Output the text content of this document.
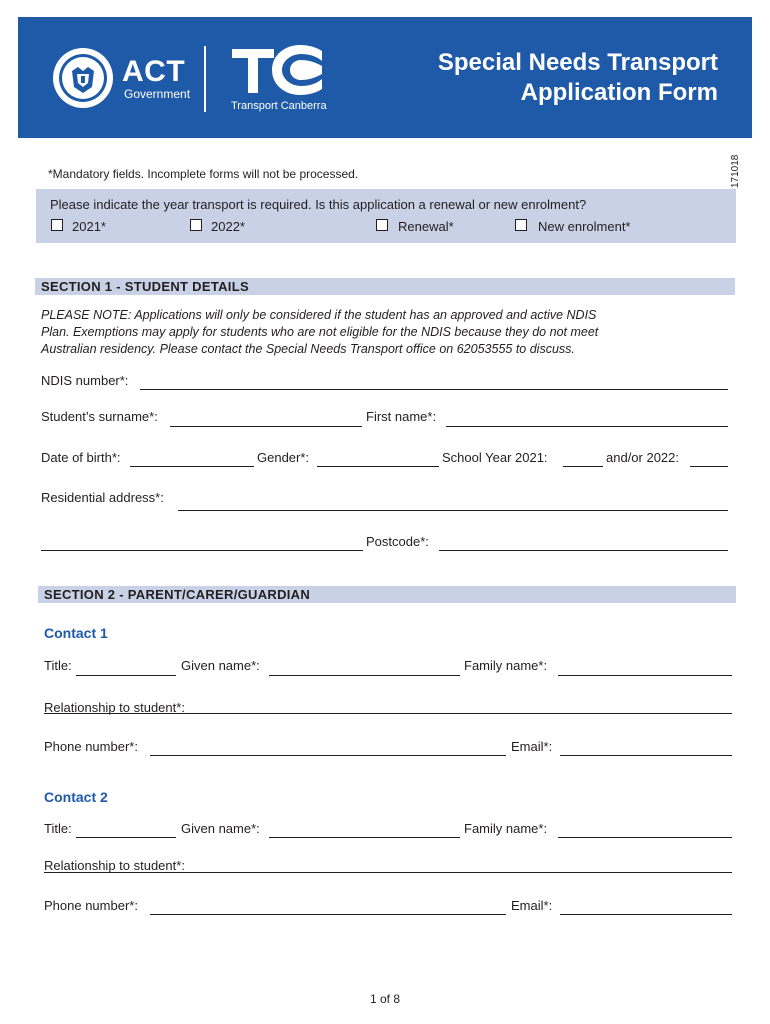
ACT
Government
Transport Canberra
Special Needs Transport
Application Form
*Mandatory fields. Incomplete forms will not be processed.	171018
Please indicate the year transport is required. Is this application a renewal or new enrolment?
2021*	2022*	Renewal*	New enrolment*
SECTION 1 - STUDENT DETAILS
PLEASE NOTE: Applications will only be considered if the student has an approved and active NDIS
Plan. Exemptions may apply for students who are not eligible for the NDIS because they do not meet
Australian residency. Please contact the Special Needs Transport office on 62053555 to discuss.
NDIS number*:
Student’s surname*:	First name*:
Date of birth*:	Gender*:	School Year 2021:	and/or 2022:
Residential address*:
Postcode*:
SECTION 2 - PARENT/CARER/GUARDIAN
Contact 1
Title:	Given name*:	Family name*:
Relationship to student*:
Phone number*:	Email*:
Contact 2
Title:	Given name*:	Family name*:
Relationship to student*:
Phone number*:	Email*:
1 of 8
